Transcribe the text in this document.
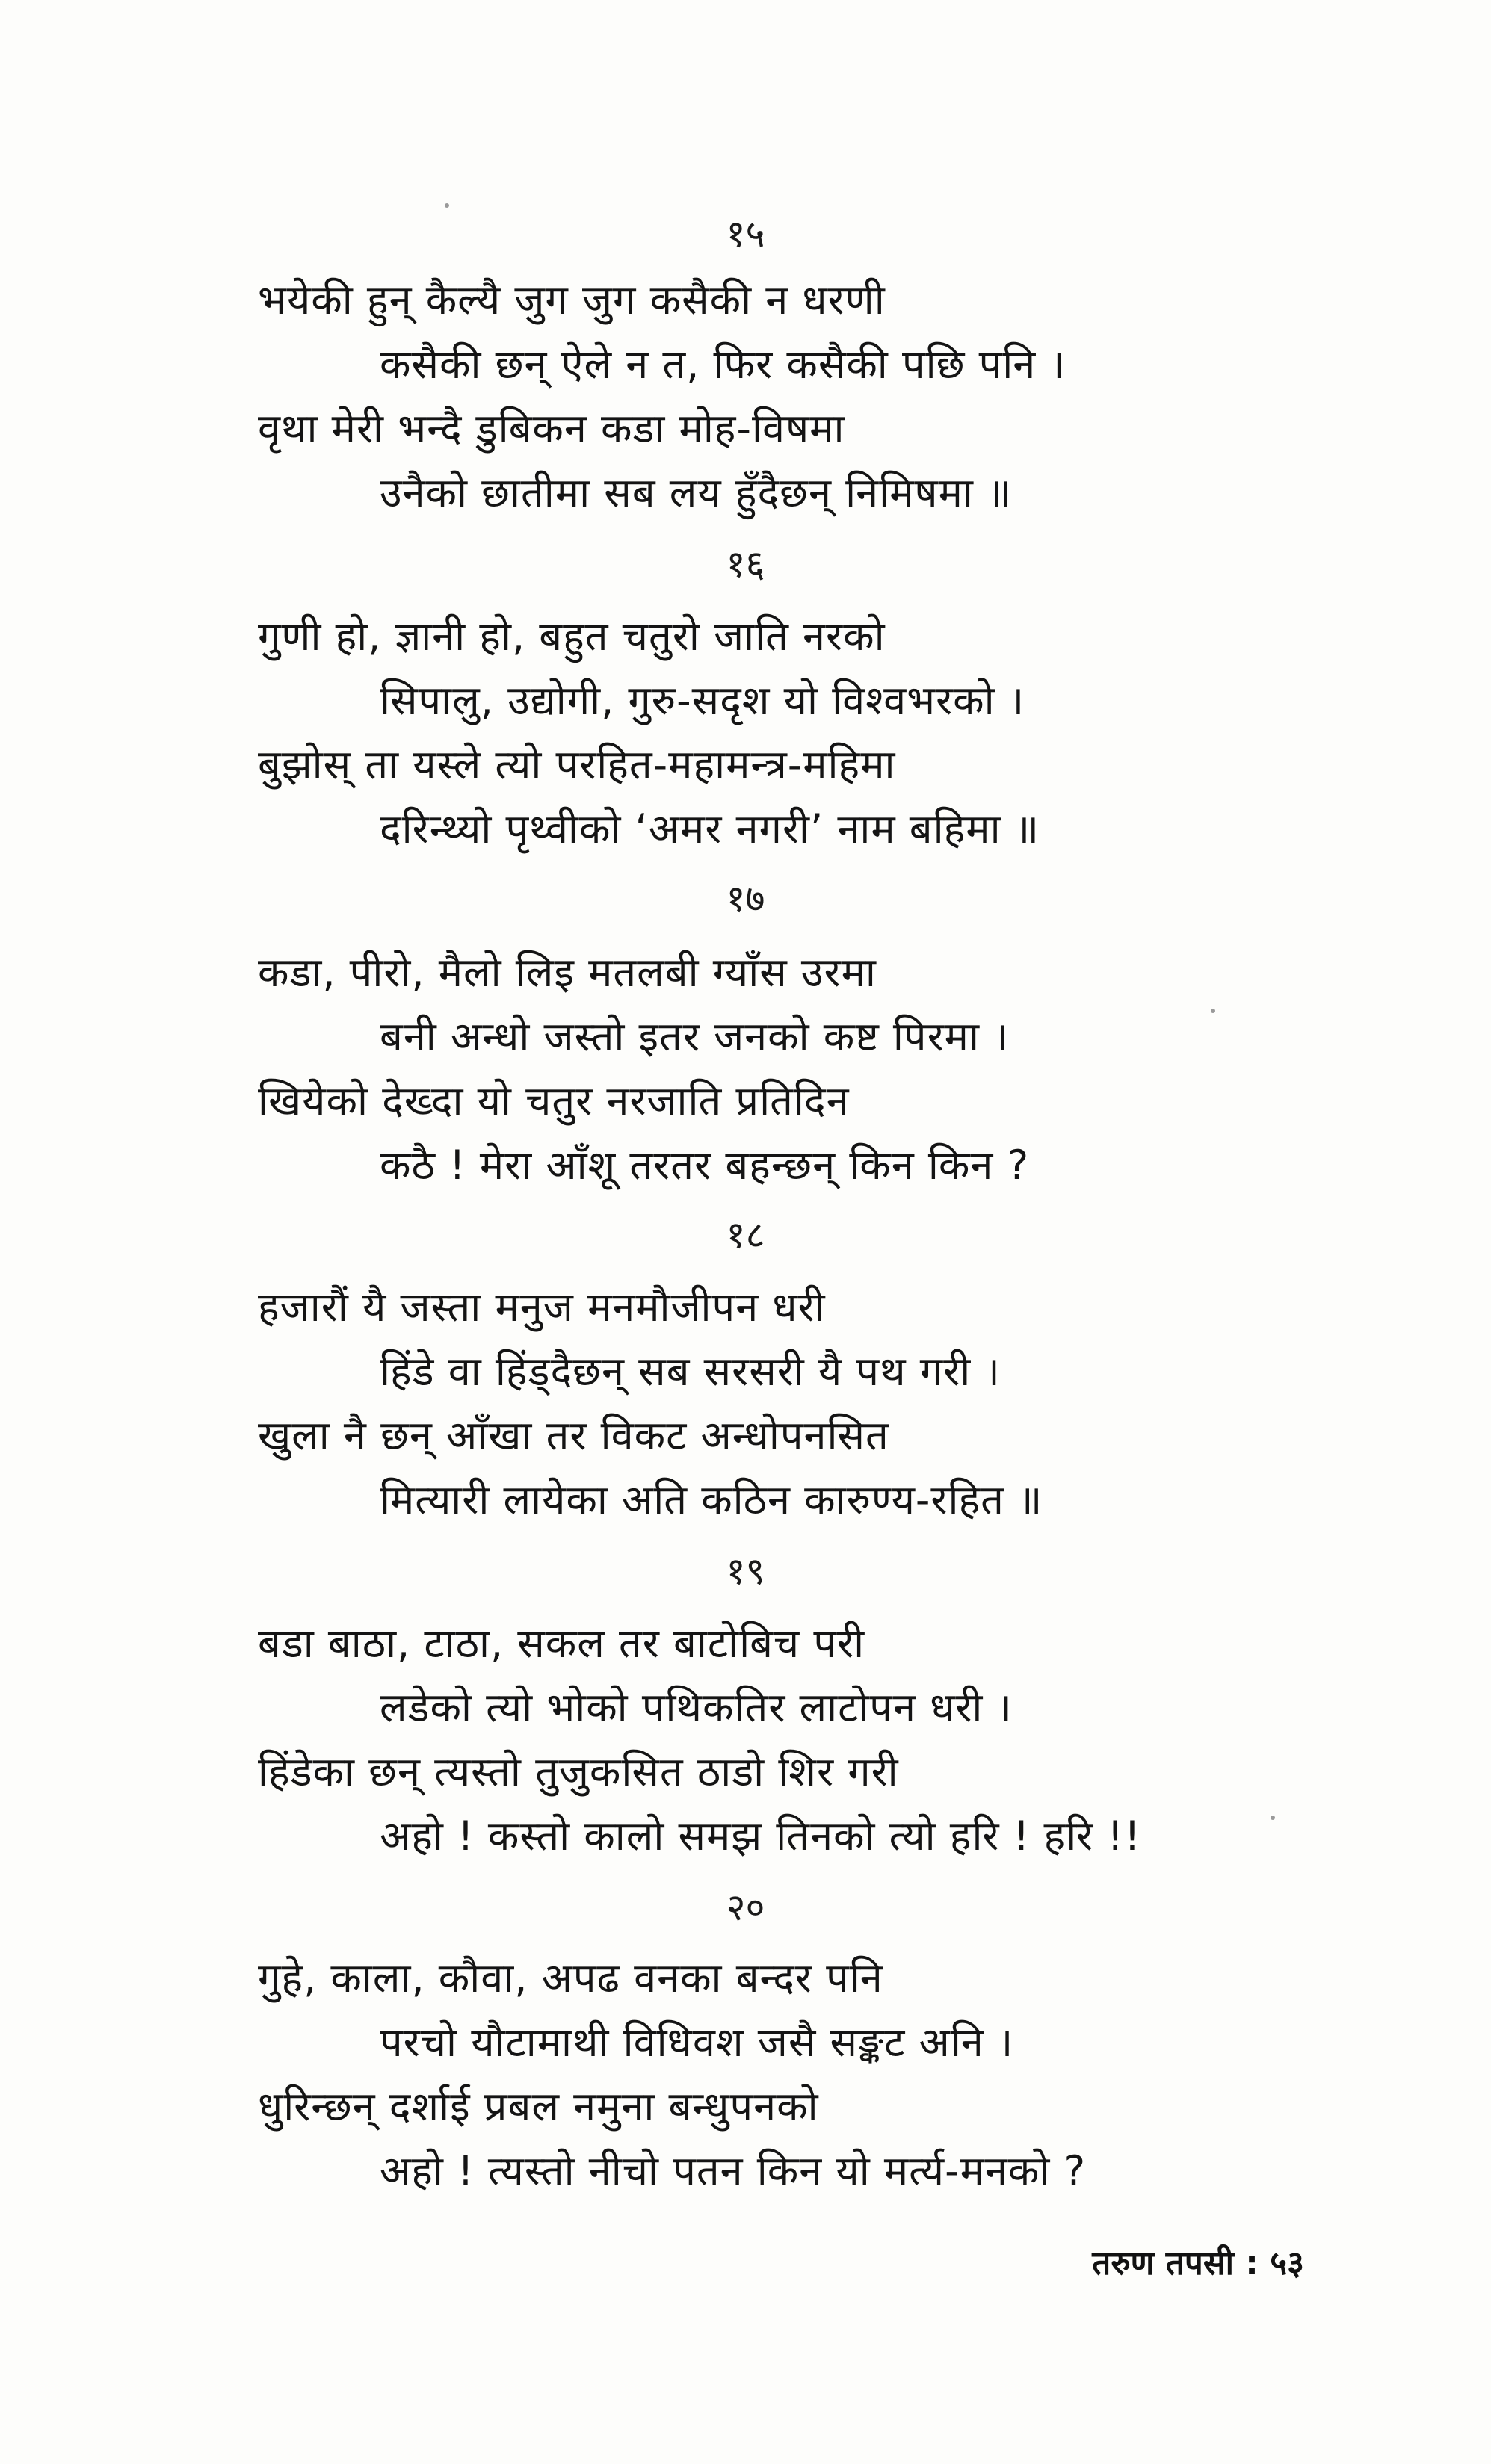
१५
भयेकी हुन् कैल्यै जुग जुग कसैकी न धरणी
कसैकी छन् ऐले न त, फिर कसैकी पछि पनि ।
वृथा मेरी भन्दै डुबिकन कडा मोह-विषमा
उनैको छातीमा सब लय हुँदैछन् निमिषमा ॥
१६
गुणी हो, ज्ञानी हो, बहुत चतुरो जाति नरको
सिपालु, उद्योगी, गुरु-सदृश यो विश्वभरको ।
बुझोस् ता यस्ले त्यो परहित-महामन्त्र-महिमा
दरिन्थ्यो पृथ्वीको ‘अमर नगरी’ नाम बहिमा ॥
१७
कडा, पीरो, मैलो लिइ मतलबी ग्याँस उरमा
बनी अन्धो जस्तो इतर जनको कष्ट पिरमा ।
खियेको देख्दा यो चतुर नरजाति प्रतिदिन
कठै ! मेरा आँशू तरतर बहन्छन् किन किन ?
१८
हजारौं यै जस्ता मनुज मनमौजीपन धरी
हिंडे वा हिंड्दैछन् सब सरसरी यै पथ गरी ।
खुला नै छन् आँखा तर विकट अन्धोपनसित
मित्यारी लायेका अति कठिन कारुण्य-रहित ॥
१९
बडा बाठा, टाठा, सकल तर बाटोबिच परी
लडेको त्यो भोको पथिकतिर लाटोपन धरी ।
हिंडेका छन् त्यस्तो तुजुकसित ठाडो शिर गरी
अहो ! कस्तो कालो समझ तिनको त्यो हरि ! हरि !!
२०
गुहे, काला, कौवा, अपढ वनका बन्दर पनि
परचो यौटामाथी विधिवश जसै सङ्कट अनि ।
धुरिन्छन् दर्शाई प्रबल नमुना बन्धुपनको
अहो ! त्यस्तो नीचो पतन किन यो मर्त्य-मनको ?
तरुण तपसी : ५३
